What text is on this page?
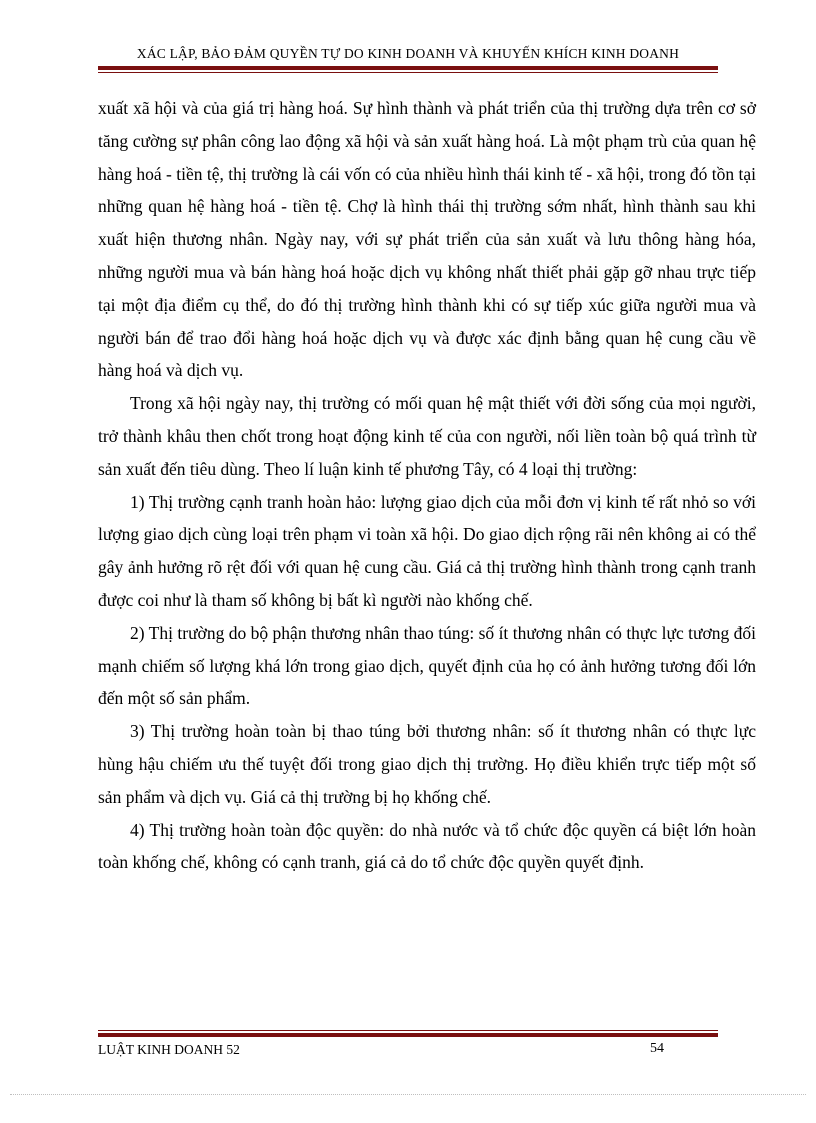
XÁC LẬP, BẢO ĐẢM QUYỀN TỰ DO KINH DOANH VÀ KHUYẾN KHÍCH KINH DOANH

xuất xã hội và của giá trị hàng hoá. Sự hình thành và phát triển của thị trường dựa trên cơ sở tăng cường sự phân công lao động xã hội và sản xuất hàng hoá. Là một phạm trù của quan hệ hàng hoá - tiền tệ, thị trường là cái vốn có của nhiều hình thái kinh tế - xã hội, trong đó tồn tại những quan hệ hàng hoá - tiền tệ. Chợ là hình thái thị trường sớm nhất, hình thành sau khi xuất hiện thương nhân. Ngày nay, với sự phát triển của sản xuất và lưu thông hàng hóa, những người mua và bán hàng hoá hoặc dịch vụ không nhất thiết phải gặp gỡ nhau trực tiếp tại một địa điểm cụ thể, do đó thị trường hình thành khi có sự tiếp xúc giữa người mua và người bán để trao đổi hàng hoá hoặc dịch vụ và được xác định bằng quan hệ cung cầu về hàng hoá và dịch vụ.

Trong xã hội ngày nay, thị trường có mối quan hệ mật thiết với đời sống của mọi người, trở thành khâu then chốt trong hoạt động kinh tế của con người, nối liền toàn bộ quá trình từ sản xuất đến tiêu dùng. Theo lí luận kinh tế phương Tây, có 4 loại thị trường:

1) Thị trường cạnh tranh hoàn hảo: lượng giao dịch của mỗi đơn vị kinh tế rất nhỏ so với lượng giao dịch cùng loại trên phạm vi toàn xã hội. Do giao dịch rộng rãi nên không ai có thể gây ảnh hưởng rõ rệt đối với quan hệ cung cầu. Giá cả thị trường hình thành trong cạnh tranh được coi như là tham số không bị bất kì người nào khống chế.

2) Thị trường do bộ phận thương nhân thao túng: số ít thương nhân có thực lực tương đối mạnh chiếm số lượng khá lớn trong giao dịch, quyết định của họ có ảnh hưởng tương đối lớn đến một số sản phẩm.

3) Thị trường hoàn toàn bị thao túng bởi thương nhân: số ít thương nhân có thực lực hùng hậu chiếm ưu thế tuyệt đối trong giao dịch thị trường. Họ điều khiển trực tiếp một số sản phẩm và dịch vụ. Giá cả thị trường bị họ khống chế.

4) Thị trường hoàn toàn độc quyền: do nhà nước và tổ chức độc quyền cá biệt lớn hoàn toàn khống chế, không có cạnh tranh, giá cả do tổ chức độc quyền quyết định.

LUẬT KINH DOANH 52	54
